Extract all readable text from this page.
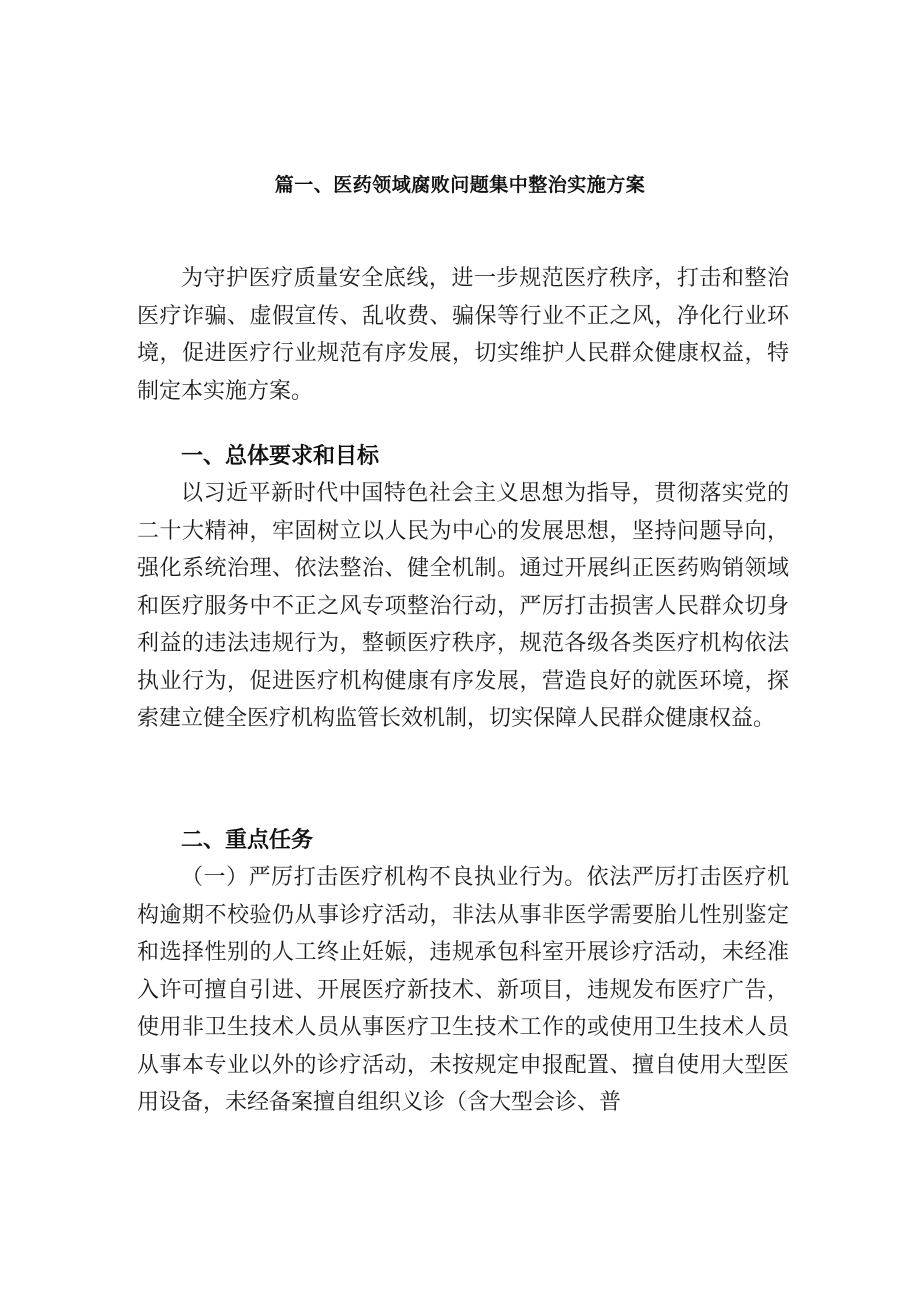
篇一、医药领域腐败问题集中整治实施方案

为守护医疗质量安全底线，进一步规范医疗秩序，打击和整治医疗诈骗、虚假宣传、乱收费、骗保等行业不正之风，净化行业环境，促进医疗行业规范有序发展，切实维护人民群众健康权益，特制定本实施方案。

一、总体要求和目标

以习近平新时代中国特色社会主义思想为指导，贯彻落实党的二十大精神，牢固树立以人民为中心的发展思想，坚持问题导向，强化系统治理、依法整治、健全机制。通过开展纠正医药购销领域和医疗服务中不正之风专项整治行动，严厉打击损害人民群众切身利益的违法违规行为，整顿医疗秩序，规范各级各类医疗机构依法执业行为，促进医疗机构健康有序发展，营造良好的就医环境，探索建立健全医疗机构监管长效机制，切实保障人民群众健康权益。

二、重点任务

（一）严厉打击医疗机构不良执业行为。依法严厉打击医疗机构逾期不校验仍从事诊疗活动，非法从事非医学需要胎儿性别鉴定和选择性别的人工终止妊娠，违规承包科室开展诊疗活动，未经准入许可擅自引进、开展医疗新技术、新项目，违规发布医疗广告，使用非卫生技术人员从事医疗卫生技术工作的或使用卫生技术人员从事本专业以外的诊疗活动，未按规定申报配置、擅自使用大型医用设备，未经备案擅自组织义诊（含大型会诊、普
